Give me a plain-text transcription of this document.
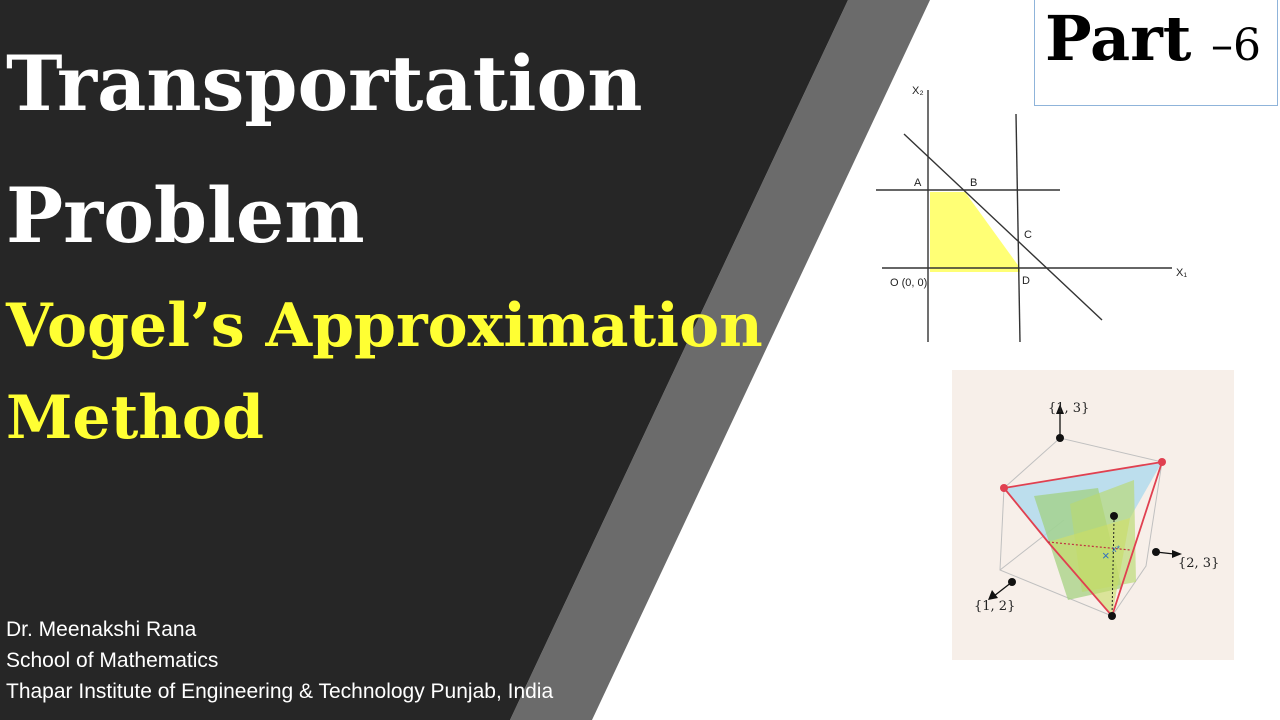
Transportation
Problem
Vogel’s Approximation
Method
Dr. Meenakshi Rana
School of Mathematics
Thapar Institute of Engineering & Technology Punjab, India
Part –6
X₂
X₁
A	B
C
D
O (0, 0)
×
{1, 3}
{2, 3}
{1, 2}
x*
